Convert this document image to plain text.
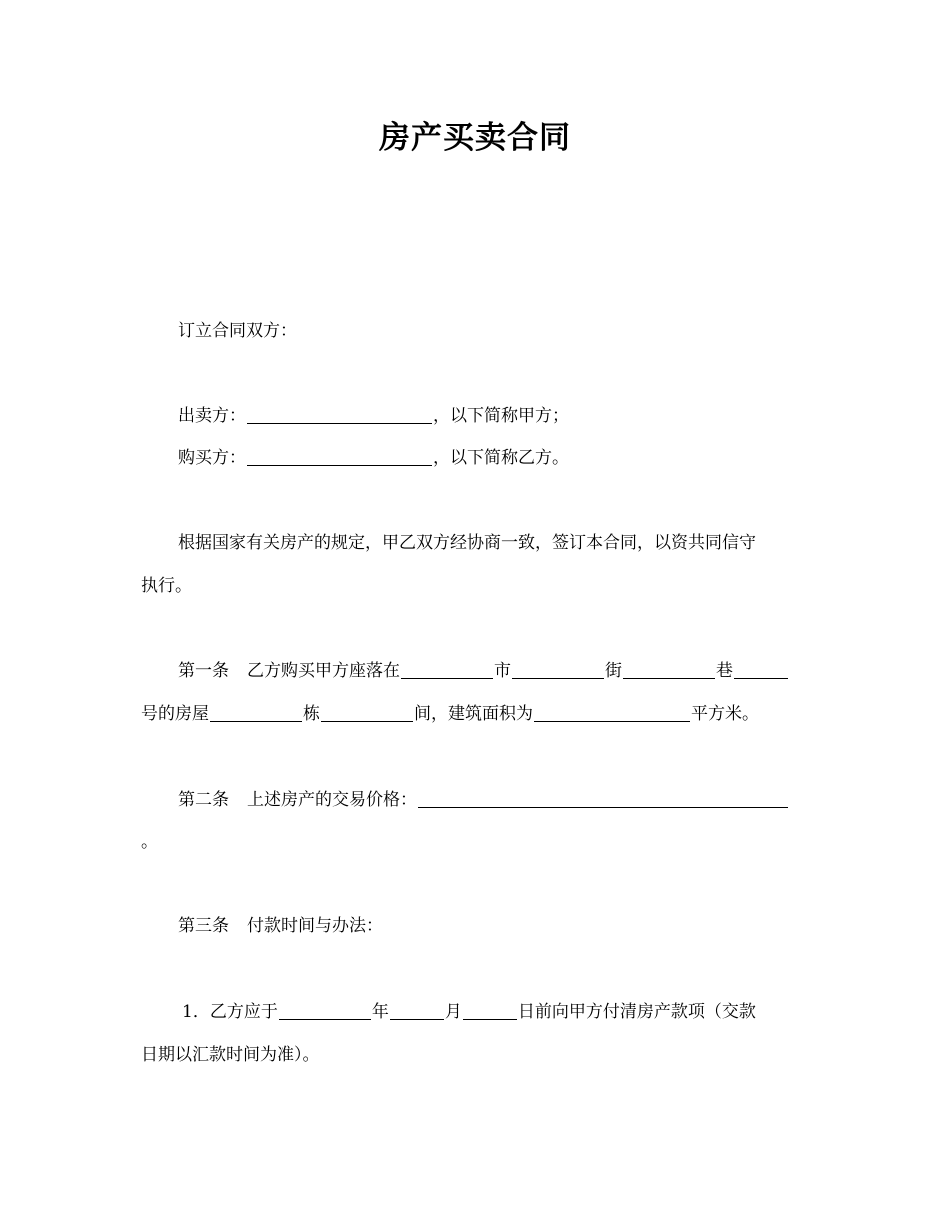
房产买卖合同
订立合同双方：
出卖方：	，以下简称甲方；
购买方：	，以下简称乙方。
根据国家有关房产的规定，甲乙双方经协商一致，签订本合同，以资共同信守
执行。
第一条 乙方购买甲方座落在	市	街	巷
号的房屋	栋	间，建筑面积为	平方米。
第二条 上述房产的交易价格：
。
第三条 付款时间与办法：
1．乙方应于	年	月	日前向甲方付清房产款项（交款
日期以汇款时间为准）。
